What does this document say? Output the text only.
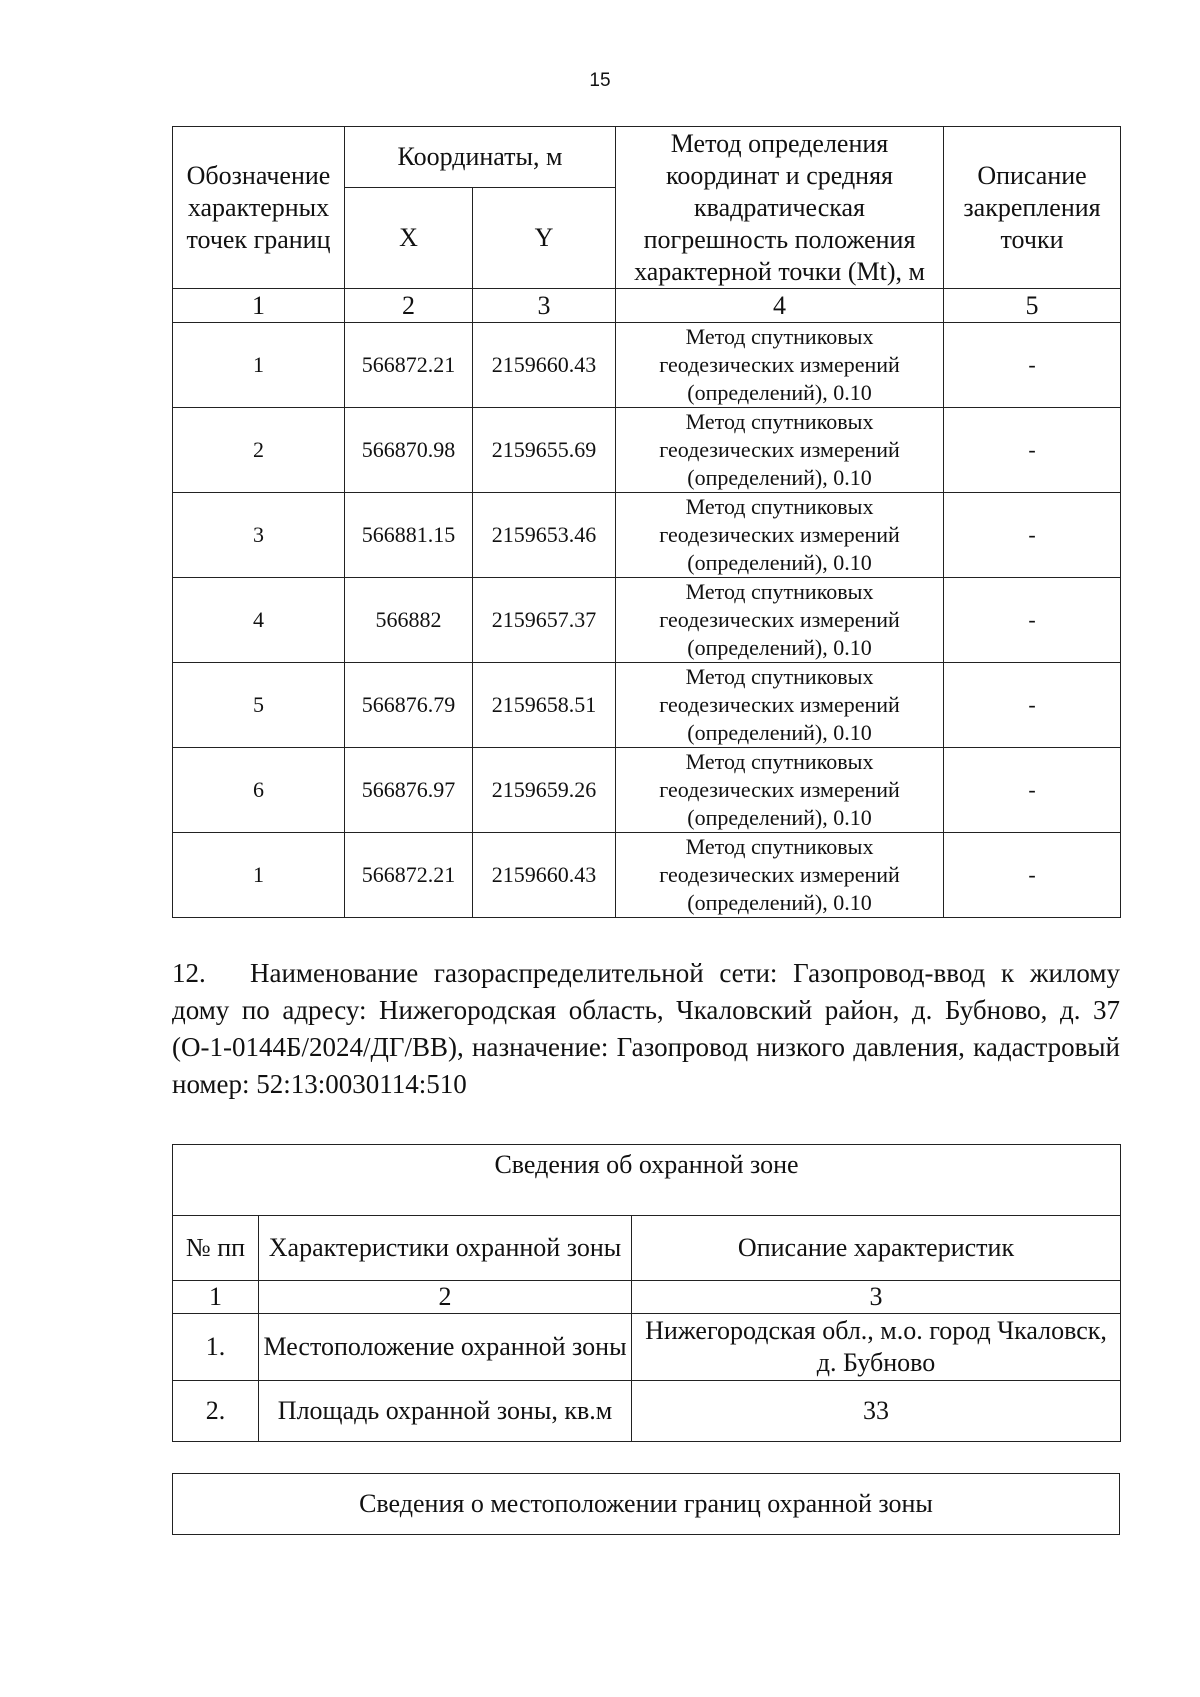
15
Обозначение характерных точек границ	Координаты, м		Метод определения координат и средняя квадратическая погрешность положения характерной точки (Mt), м	Описание закрепления точки
	X	Y		
1	2	3	4	5
1	566872.21	2159660.43	Метод спутниковых геодезических измерений (определений), 0.10	-
2	566870.98	2159655.69	Метод спутниковых геодезических измерений (определений), 0.10	-
3	566881.15	2159653.46	Метод спутниковых геодезических измерений (определений), 0.10	-
4	566882	2159657.37	Метод спутниковых геодезических измерений (определений), 0.10	-
5	566876.79	2159658.51	Метод спутниковых геодезических измерений (определений), 0.10	-
6	566876.97	2159659.26	Метод спутниковых геодезических измерений (определений), 0.10	-
1	566872.21	2159660.43	Метод спутниковых геодезических измерений (определений), 0.10	-
12. Наименование газораспределительной сети: Газопровод-ввод к жилому дому по адресу: Нижегородская область, Чкаловский район, д. Бубново, д. 37 (О-1-0144Б/2024/ДГ/ВВ), назначение: Газопровод низкого давления, кадастровый номер: 52:13:0030114:510
Сведения об охранной зоне		
№ пп	Характеристики охранной зоны	Описание характеристик
1	2	3
1.	Местоположение охранной зоны	Нижегородская обл., м.о. город Чкаловск, д. Бубново
2.	Площадь охранной зоны, кв.м	33
Сведения о местоположении границ охранной зоны
